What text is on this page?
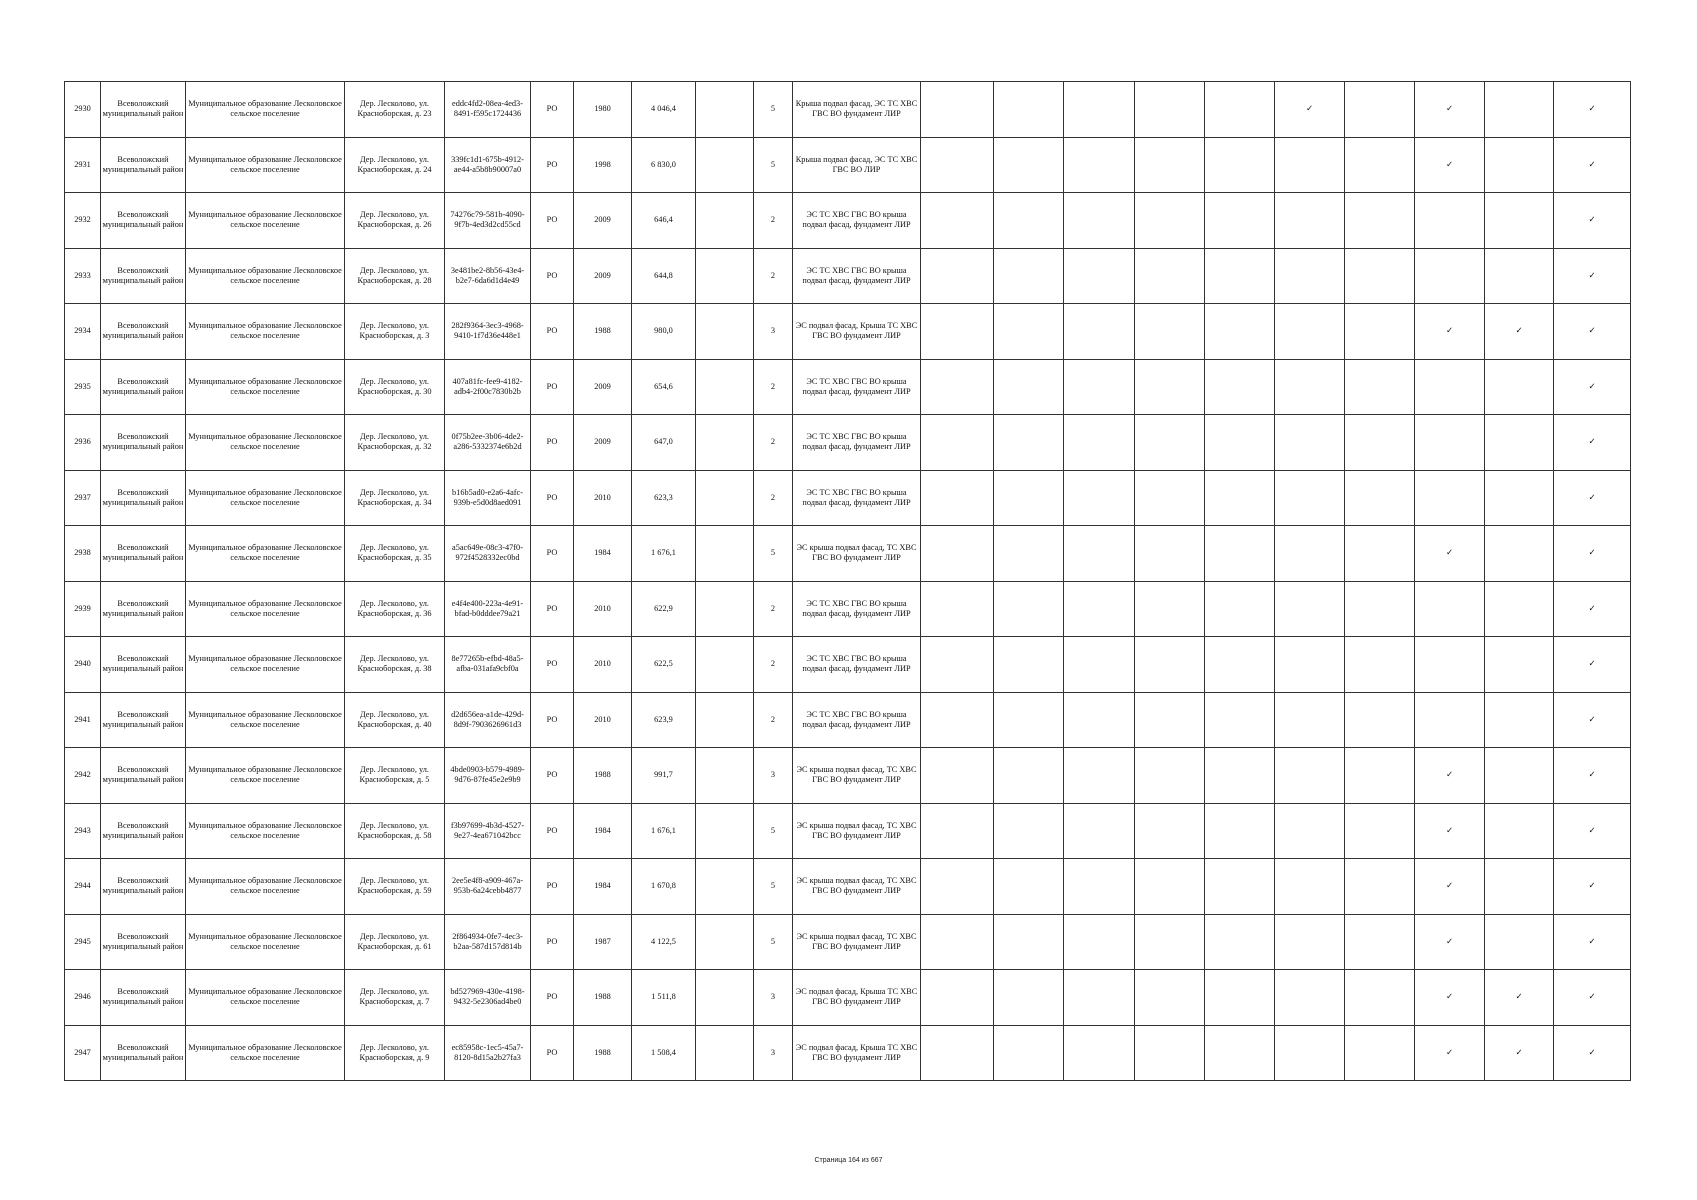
2930	Всеволожский муниципальный район	Муниципальное образование Лесколовское сельское поселение	Дер. Лесколово, ул. Красноборская, д. 23	eddc4fd2-08ea-4ed3-8491-f595c1724436	РО	1980	4 046,4		5	Крыша подвал фасад, ЭС ТС ХВС ГВС ВО фундамент ЛИР						✓		✓		✓
2931	Всеволожский муниципальный район	Муниципальное образование Лесколовское сельское поселение	Дер. Лесколово, ул. Красноборская, д. 24	339fc1d1-675b-4912-ae44-a5b8b90007a0	РО	1998	6 830,0		5	Крыша подвал фасад, ЭС ТС ХВС ГВС ВО ЛИР								✓		✓
2932	Всеволожский муниципальный район	Муниципальное образование Лесколовское сельское поселение	Дер. Лесколово, ул. Красноборская, д. 26	74276c79-581b-4090-9f7b-4ed3d2cd55cd	РО	2009	646,4		2	ЭС ТС ХВС ГВС ВО крыша подвал фасад, фундамент ЛИР										✓
2933	Всеволожский муниципальный район	Муниципальное образование Лесколовское сельское поселение	Дер. Лесколово, ул. Красноборская, д. 28	3e481be2-8b56-43e4-b2e7-6da6d1d4e49	РО	2009	644,8		2	ЭС ТС ХВС ГВС ВО крыша подвал фасад, фундамент ЛИР										✓
2934	Всеволожский муниципальный район	Муниципальное образование Лесколовское сельское поселение	Дер. Лесколово, ул. Красноборская, д. 3	282f9364-3ec3-4968-9410-1f7d36e448e1	РО	1988	980,0		3	ЭС подвал фасад, Крыша ТС ХВС ГВС ВО фундамент ЛИР								✓	✓	✓
2935	Всеволожский муниципальный район	Муниципальное образование Лесколовское сельское поселение	Дер. Лесколово, ул. Красноборская, д. 30	407a81fc-fee9-4182-adb4-2f00c7830b2b	РО	2009	654,6		2	ЭС ТС ХВС ГВС ВО крыша подвал фасад, фундамент ЛИР										✓
2936	Всеволожский муниципальный район	Муниципальное образование Лесколовское сельское поселение	Дер. Лесколово, ул. Красноборская, д. 32	0f75b2ee-3b06-4de2-a286-5332374e6b2d	РО	2009	647,0		2	ЭС ТС ХВС ГВС ВО крыша подвал фасад, фундамент ЛИР										✓
2937	Всеволожский муниципальный район	Муниципальное образование Лесколовское сельское поселение	Дер. Лесколово, ул. Красноборская, д. 34	b16b5ad0-e2a6-4afc-939b-e5d0d8aed091	РО	2010	623,3		2	ЭС ТС ХВС ГВС ВО крыша подвал фасад, фундамент ЛИР										✓
2938	Всеволожский муниципальный район	Муниципальное образование Лесколовское сельское поселение	Дер. Лесколово, ул. Красноборская, д. 35	a5ac649e-08c3-47f0-972f4528332ec0bd	РО	1984	1 676,1		5	ЭС крыша подвал фасад, ТС ХВС ГВС ВО фундамент ЛИР								✓		✓
2939	Всеволожский муниципальный район	Муниципальное образование Лесколовское сельское поселение	Дер. Лесколово, ул. Красноборская, д. 36	e4f4e400-223a-4e91-bfad-b0dddee79a21	РО	2010	622,9		2	ЭС ТС ХВС ГВС ВО крыша подвал фасад, фундамент ЛИР										✓
2940	Всеволожский муниципальный район	Муниципальное образование Лесколовское сельское поселение	Дер. Лесколово, ул. Красноборская, д. 38	8e77265b-efbd-48a5-afba-031afa9cbf0a	РО	2010	622,5		2	ЭС ТС ХВС ГВС ВО крыша подвал фасад, фундамент ЛИР										✓
2941	Всеволожский муниципальный район	Муниципальное образование Лесколовское сельское поселение	Дер. Лесколово, ул. Красноборская, д. 40	d2d656ea-a1de-429d-8d9f-7903626961d3	РО	2010	623,9		2	ЭС ТС ХВС ГВС ВО крыша подвал фасад, фундамент ЛИР										✓
2942	Всеволожский муниципальный район	Муниципальное образование Лесколовское сельское поселение	Дер. Лесколово, ул. Красноборская, д. 5	4bde0903-b579-4989-9d76-87fe45e2e9b9	РО	1988	991,7		3	ЭС крыша подвал фасад, ТС ХВС ГВС ВО фундамент ЛИР								✓		✓
2943	Всеволожский муниципальный район	Муниципальное образование Лесколовское сельское поселение	Дер. Лесколово, ул. Красноборская, д. 58	f3b97699-4b3d-4527-9e27-4ea671042bcc	РО	1984	1 676,1		5	ЭС крыша подвал фасад, ТС ХВС ГВС ВО фундамент ЛИР								✓		✓
2944	Всеволожский муниципальный район	Муниципальное образование Лесколовское сельское поселение	Дер. Лесколово, ул. Красноборская, д. 59	2ee5e4f8-a909-467a-953b-6a24cebb4877	РО	1984	1 670,8		5	ЭС крыша подвал фасад, ТС ХВС ГВС ВО фундамент ЛИР								✓		✓
2945	Всеволожский муниципальный район	Муниципальное образование Лесколовское сельское поселение	Дер. Лесколово, ул. Красноборская, д. 61	2f864934-0fe7-4ec3-b2aa-587d157d814b	РО	1987	4 122,5		5	ЭС крыша подвал фасад, ТС ХВС ГВС ВО фундамент ЛИР								✓		✓
2946	Всеволожский муниципальный район	Муниципальное образование Лесколовское сельское поселение	Дер. Лесколово, ул. Красноборская, д. 7	bd527969-430e-4198-9432-5e2306ad4be0	РО	1988	1 511,8		3	ЭС подвал фасад, Крыша ТС ХВС ГВС ВО фундамент ЛИР								✓	✓	✓
2947	Всеволожский муниципальный район	Муниципальное образование Лесколовское сельское поселение	Дер. Лесколово, ул. Красноборская, д. 9	ec85958c-1ec5-45a7-8120-8d15a2b27fa3	РО	1988	1 508,4		3	ЭС подвал фасад, Крыша ТС ХВС ГВС ВО фундамент ЛИР								✓	✓	✓
Страница 164 из 667
